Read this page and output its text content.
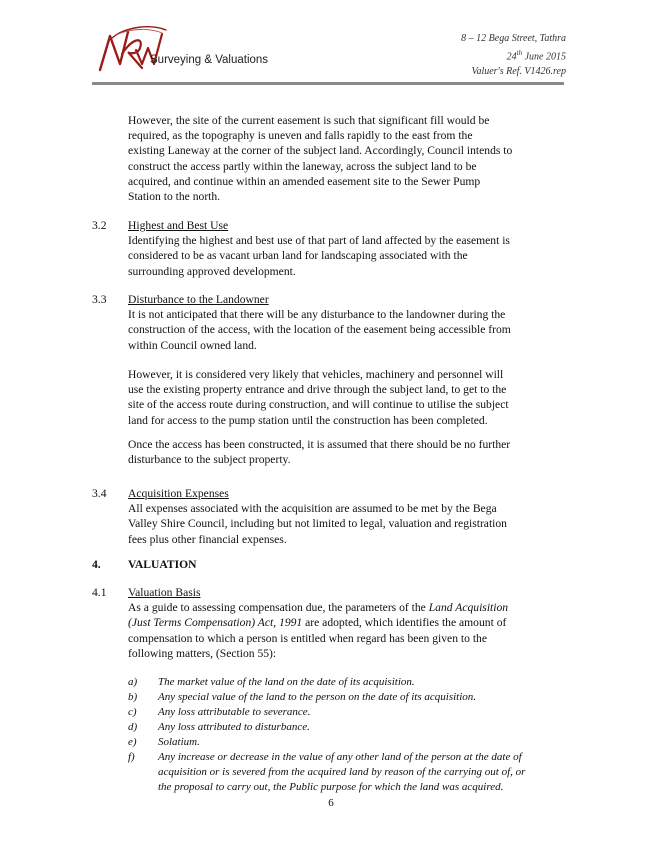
Surveying & Valuations
8 – 12 Bega Street, Tathra
24th June 2015
Valuer's Ref. V1426.rep
However, the site of the current easement is such that significant fill would be
required, as the topography is uneven and falls rapidly to the east from the
existing Laneway at the corner of the subject land. Accordingly, Council intends to
construct the access partly within the laneway, across the subject land to be
acquired, and continue within an amended easement site to the Sewer Pump
Station to the north.
3.2 Highest and Best Use
Identifying the highest and best use of that part of land affected by the easement is
considered to be as vacant urban land for landscaping associated with the
surrounding approved development.
3.3 Disturbance to the Landowner
It is not anticipated that there will be any disturbance to the landowner during the
construction of the access, with the location of the easement being accessible from
within Council owned land.
However, it is considered very likely that vehicles, machinery and personnel will
use the existing property entrance and drive through the subject land, to get to the
site of the access route during construction, and will continue to utilise the subject
land for access to the pump station until the construction has been completed.
Once the access has been constructed, it is assumed that there should be no further
disturbance to the subject property.
3.4 Acquisition Expenses
All expenses associated with the acquisition are assumed to be met by the Bega
Valley Shire Council, including but not limited to legal, valuation and registration
fees plus other financial expenses.
4. VALUATION
4.1 Valuation Basis
As a guide to assessing compensation due, the parameters of the Land Acquisition
(Just Terms Compensation) Act, 1991 are adopted, which identifies the amount of
compensation to which a person is entitled when regard has been given to the
following matters, (Section 55):
a) The market value of the land on the date of its acquisition.
b) Any special value of the land to the person on the date of its acquisition.
c) Any loss attributable to severance.
d) Any loss attributed to disturbance.
e) Solatium.
f) Any increase or decrease in the value of any other land of the person at the date of
acquisition or is severed from the acquired land by reason of the carrying out of, or
the proposal to carry out, the Public purpose for which the land was acquired.
6
